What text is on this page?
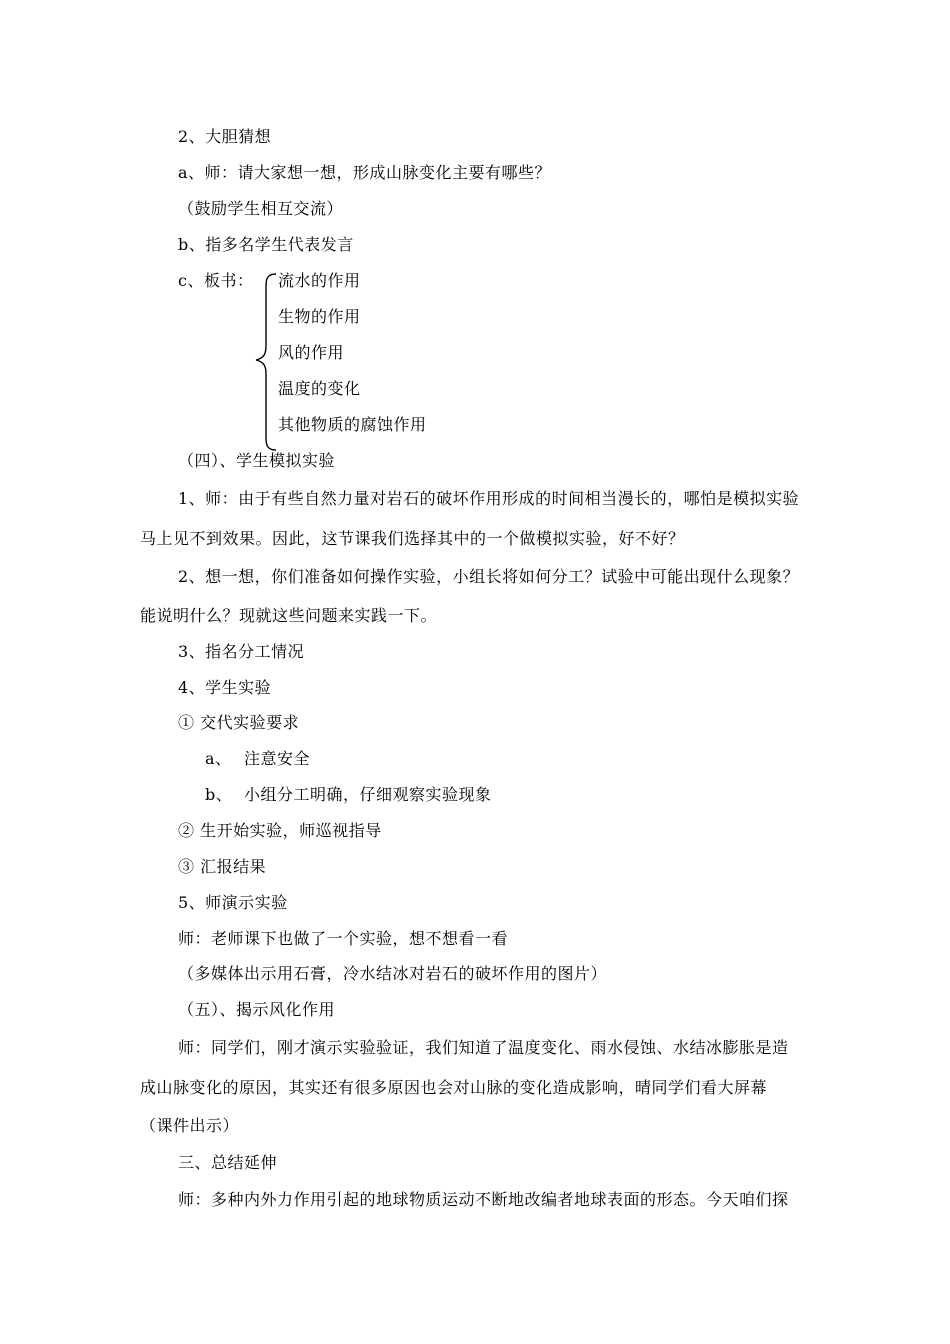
2、大胆猜想
a、师：请大家想一想，形成山脉变化主要有哪些？
（鼓励学生相互交流）
b、指多名学生代表发言
c、板书： 流水的作用
生物的作用
风的作用
温度的变化
其他物质的腐蚀作用
（四）、学生模拟实验
1、师：由于有些自然力量对岩石的破坏作用形成的时间相当漫长的，哪怕是模拟实验
马上见不到效果。因此，这节课我们选择其中的一个做模拟实验，好不好？
2、想一想，你们准备如何操作实验，小组长将如何分工？试验中可能出现什么现象？
能说明什么？现就这些问题来实践一下。
3、指名分工情况
4、学生实验
① 交代实验要求
a、 注意安全
b、 小组分工明确，仔细观察实验现象
② 生开始实验，师巡视指导
③ 汇报结果
5、师演示实验
师：老师课下也做了一个实验，想不想看一看
（多媒体出示用石膏，冷水结冰对岩石的破坏作用的图片）
（五）、揭示风化作用
师：同学们，刚才演示实验验证，我们知道了温度变化、雨水侵蚀、水结冰膨胀是造
成山脉变化的原因，其实还有很多原因也会对山脉的变化造成影响，晴同学们看大屏幕
（课件出示）
三、总结延伸
师：多种内外力作用引起的地球物质运动不断地改编者地球表面的形态。今天咱们探
